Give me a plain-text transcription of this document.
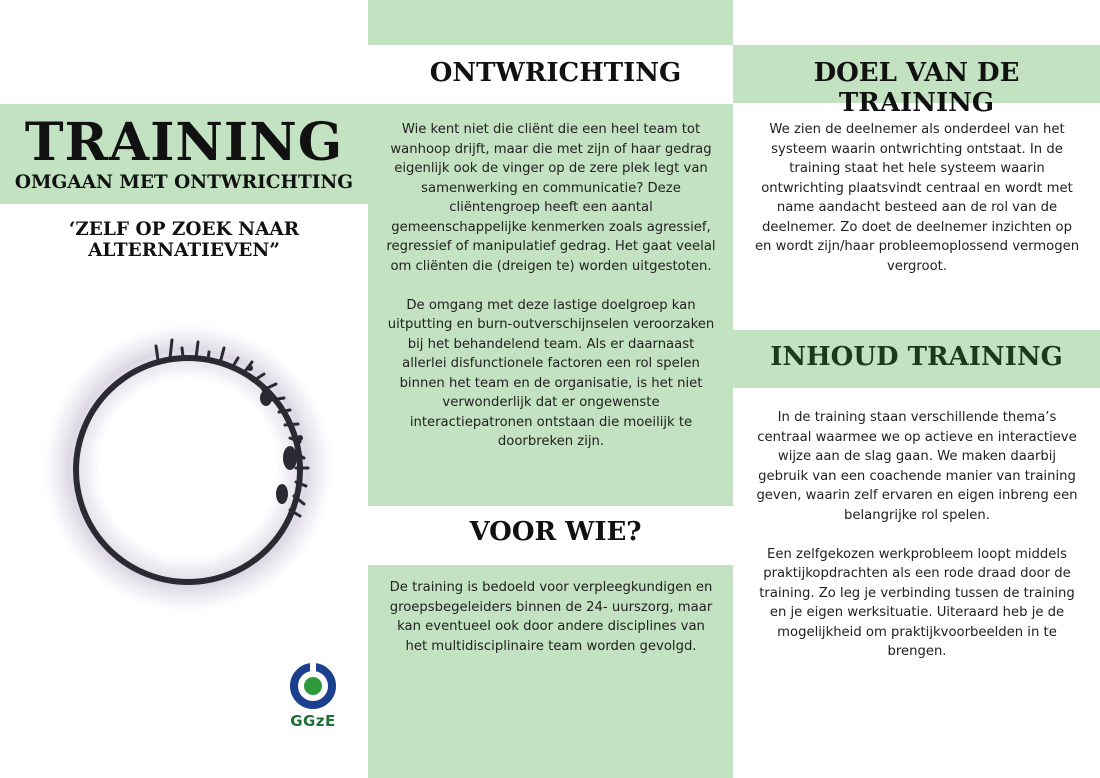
TRAINING
OMGAAN MET ONTWRICHTING
‘ZELF OP ZOEK NAAR ALTERNATIEVEN”
GGzE
ONTWRICHTING

Wie kent niet die cliënt die een heel team tot wanhoop drijft, maar die met zijn of haar gedrag eigenlijk ook de vinger op de zere plek legt van samenwerking en communicatie? Deze cliëntengroep heeft een aantal gemeenschappelijke kenmerken zoals agressief, regressief of manipulatief gedrag. Het gaat veelal om cliënten die (dreigen te) worden uitgestoten.

De omgang met deze lastige doelgroep kan uitputting en burn-outverschijnselen veroorzaken bij het behandelend team. Als er daarnaast allerlei disfunctionele factoren een rol spelen binnen het team en de organisatie, is het niet verwonderlijk dat er ongewenste interactiepatronen ontstaan die moeilijk te doorbreken zijn.

VOOR WIE?
De training is bedoeld voor verpleegkundigen en groepsbegeleiders binnen de 24- uurszorg, maar kan eventueel ook door andere disciplines van het multidisciplinaire team worden gevolgd.
DOEL VAN DE TRAINING
We zien de deelnemer als onderdeel van het systeem waarin ontwrichting ontstaat. In de training staat het hele systeem waarin ontwrichting plaatsvindt centraal en wordt met name aandacht besteed aan de rol van de deelnemer. Zo doet de deelnemer inzichten op en wordt zijn/haar probleemoplossend vermogen vergroot.
INHOUD TRAINING

In de training staan verschillende thema’s centraal waarmee we op actieve en interactieve wijze aan de slag gaan. We maken daarbij gebruik van een coachende manier van training geven, waarin zelf ervaren en eigen inbreng een belangrijke rol spelen.

Een zelfgekozen werkprobleem loopt middels praktijkopdrachten als een rode draad door de training. Zo leg je verbinding tussen de training en je eigen werksituatie. Uiteraard heb je de mogelijkheid om praktijkvoorbeelden in te brengen.
